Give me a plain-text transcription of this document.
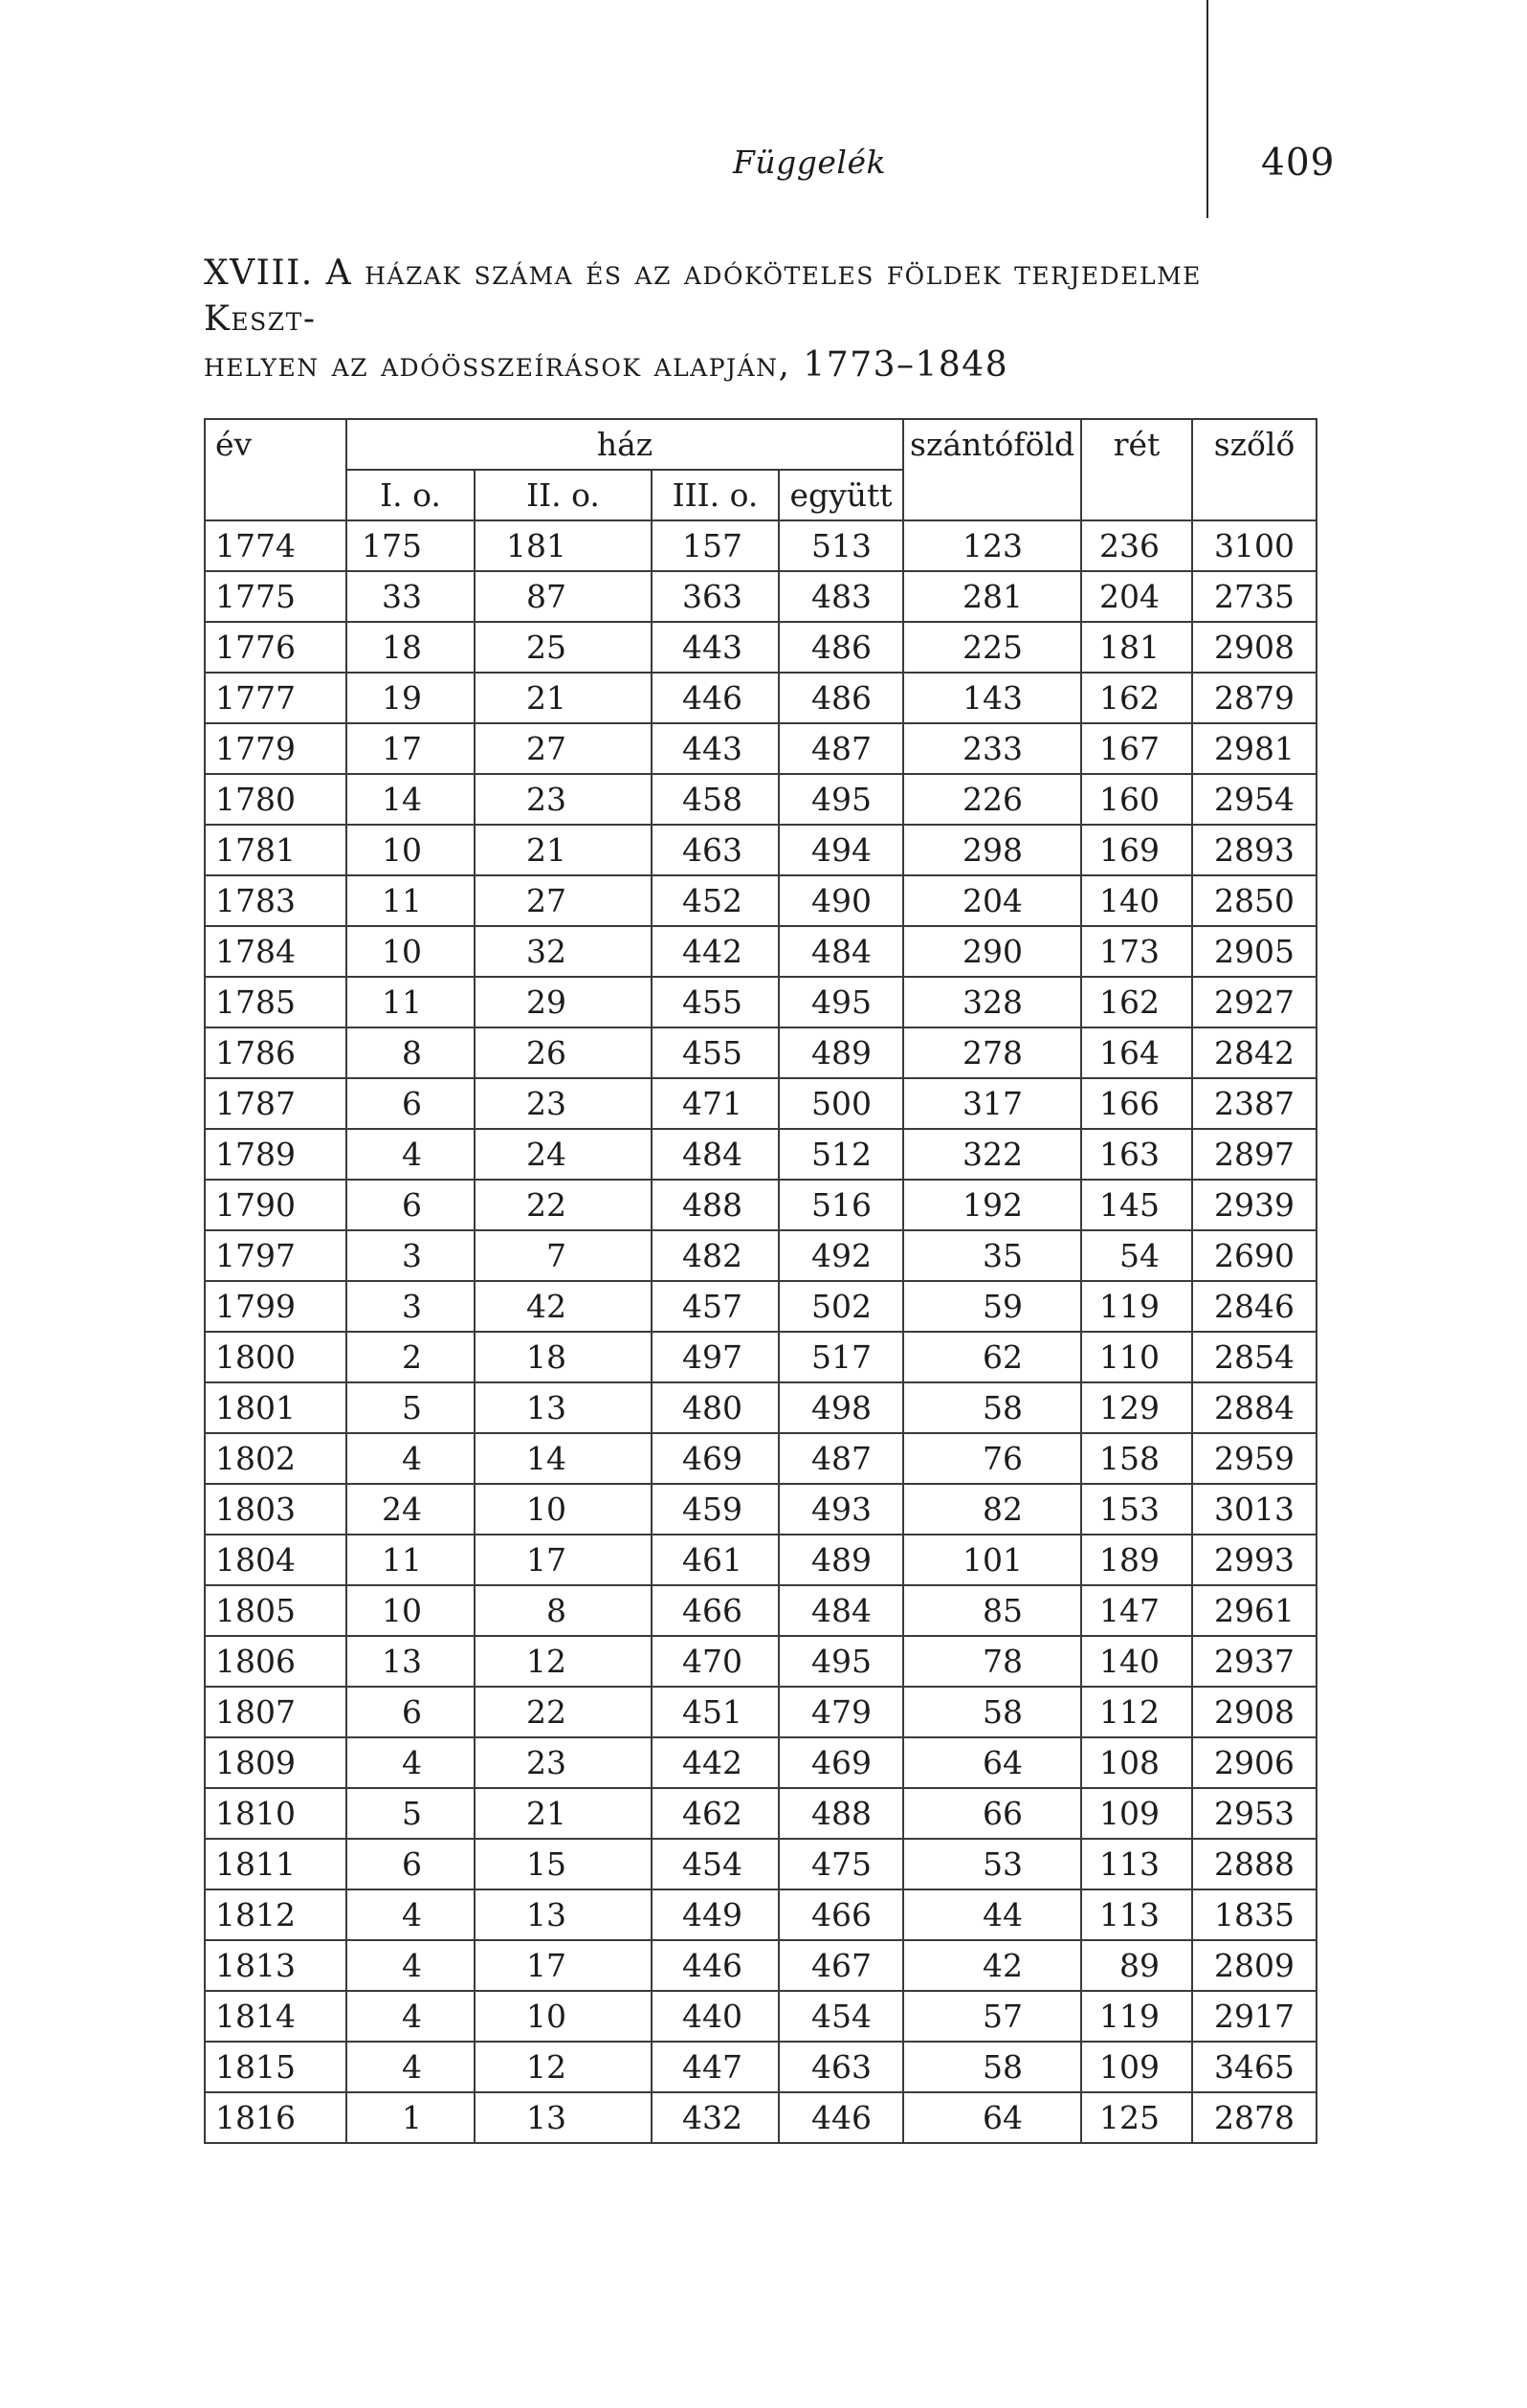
Függelék	409
XVIII. A házak száma és az adóköteles földek terjedelme Keszt-
helyen az adóösszeírások alapján, 1773–1848
év	ház				szántóföld	rét	szőlő
	I. o.	II. o.	III. o.	együtt			
1774	175	181	157	513	123	236	3100
1775	33	87	363	483	281	204	2735
1776	18	25	443	486	225	181	2908
1777	19	21	446	486	143	162	2879
1779	17	27	443	487	233	167	2981
1780	14	23	458	495	226	160	2954
1781	10	21	463	494	298	169	2893
1783	11	27	452	490	204	140	2850
1784	10	32	442	484	290	173	2905
1785	11	29	455	495	328	162	2927
1786	8	26	455	489	278	164	2842
1787	6	23	471	500	317	166	2387
1789	4	24	484	512	322	163	2897
1790	6	22	488	516	192	145	2939
1797	3	7	482	492	35	54	2690
1799	3	42	457	502	59	119	2846
1800	2	18	497	517	62	110	2854
1801	5	13	480	498	58	129	2884
1802	4	14	469	487	76	158	2959
1803	24	10	459	493	82	153	3013
1804	11	17	461	489	101	189	2993
1805	10	8	466	484	85	147	2961
1806	13	12	470	495	78	140	2937
1807	6	22	451	479	58	112	2908
1809	4	23	442	469	64	108	2906
1810	5	21	462	488	66	109	2953
1811	6	15	454	475	53	113	2888
1812	4	13	449	466	44	113	1835
1813	4	17	446	467	42	89	2809
1814	4	10	440	454	57	119	2917
1815	4	12	447	463	58	109	3465
1816	1	13	432	446	64	125	2878
